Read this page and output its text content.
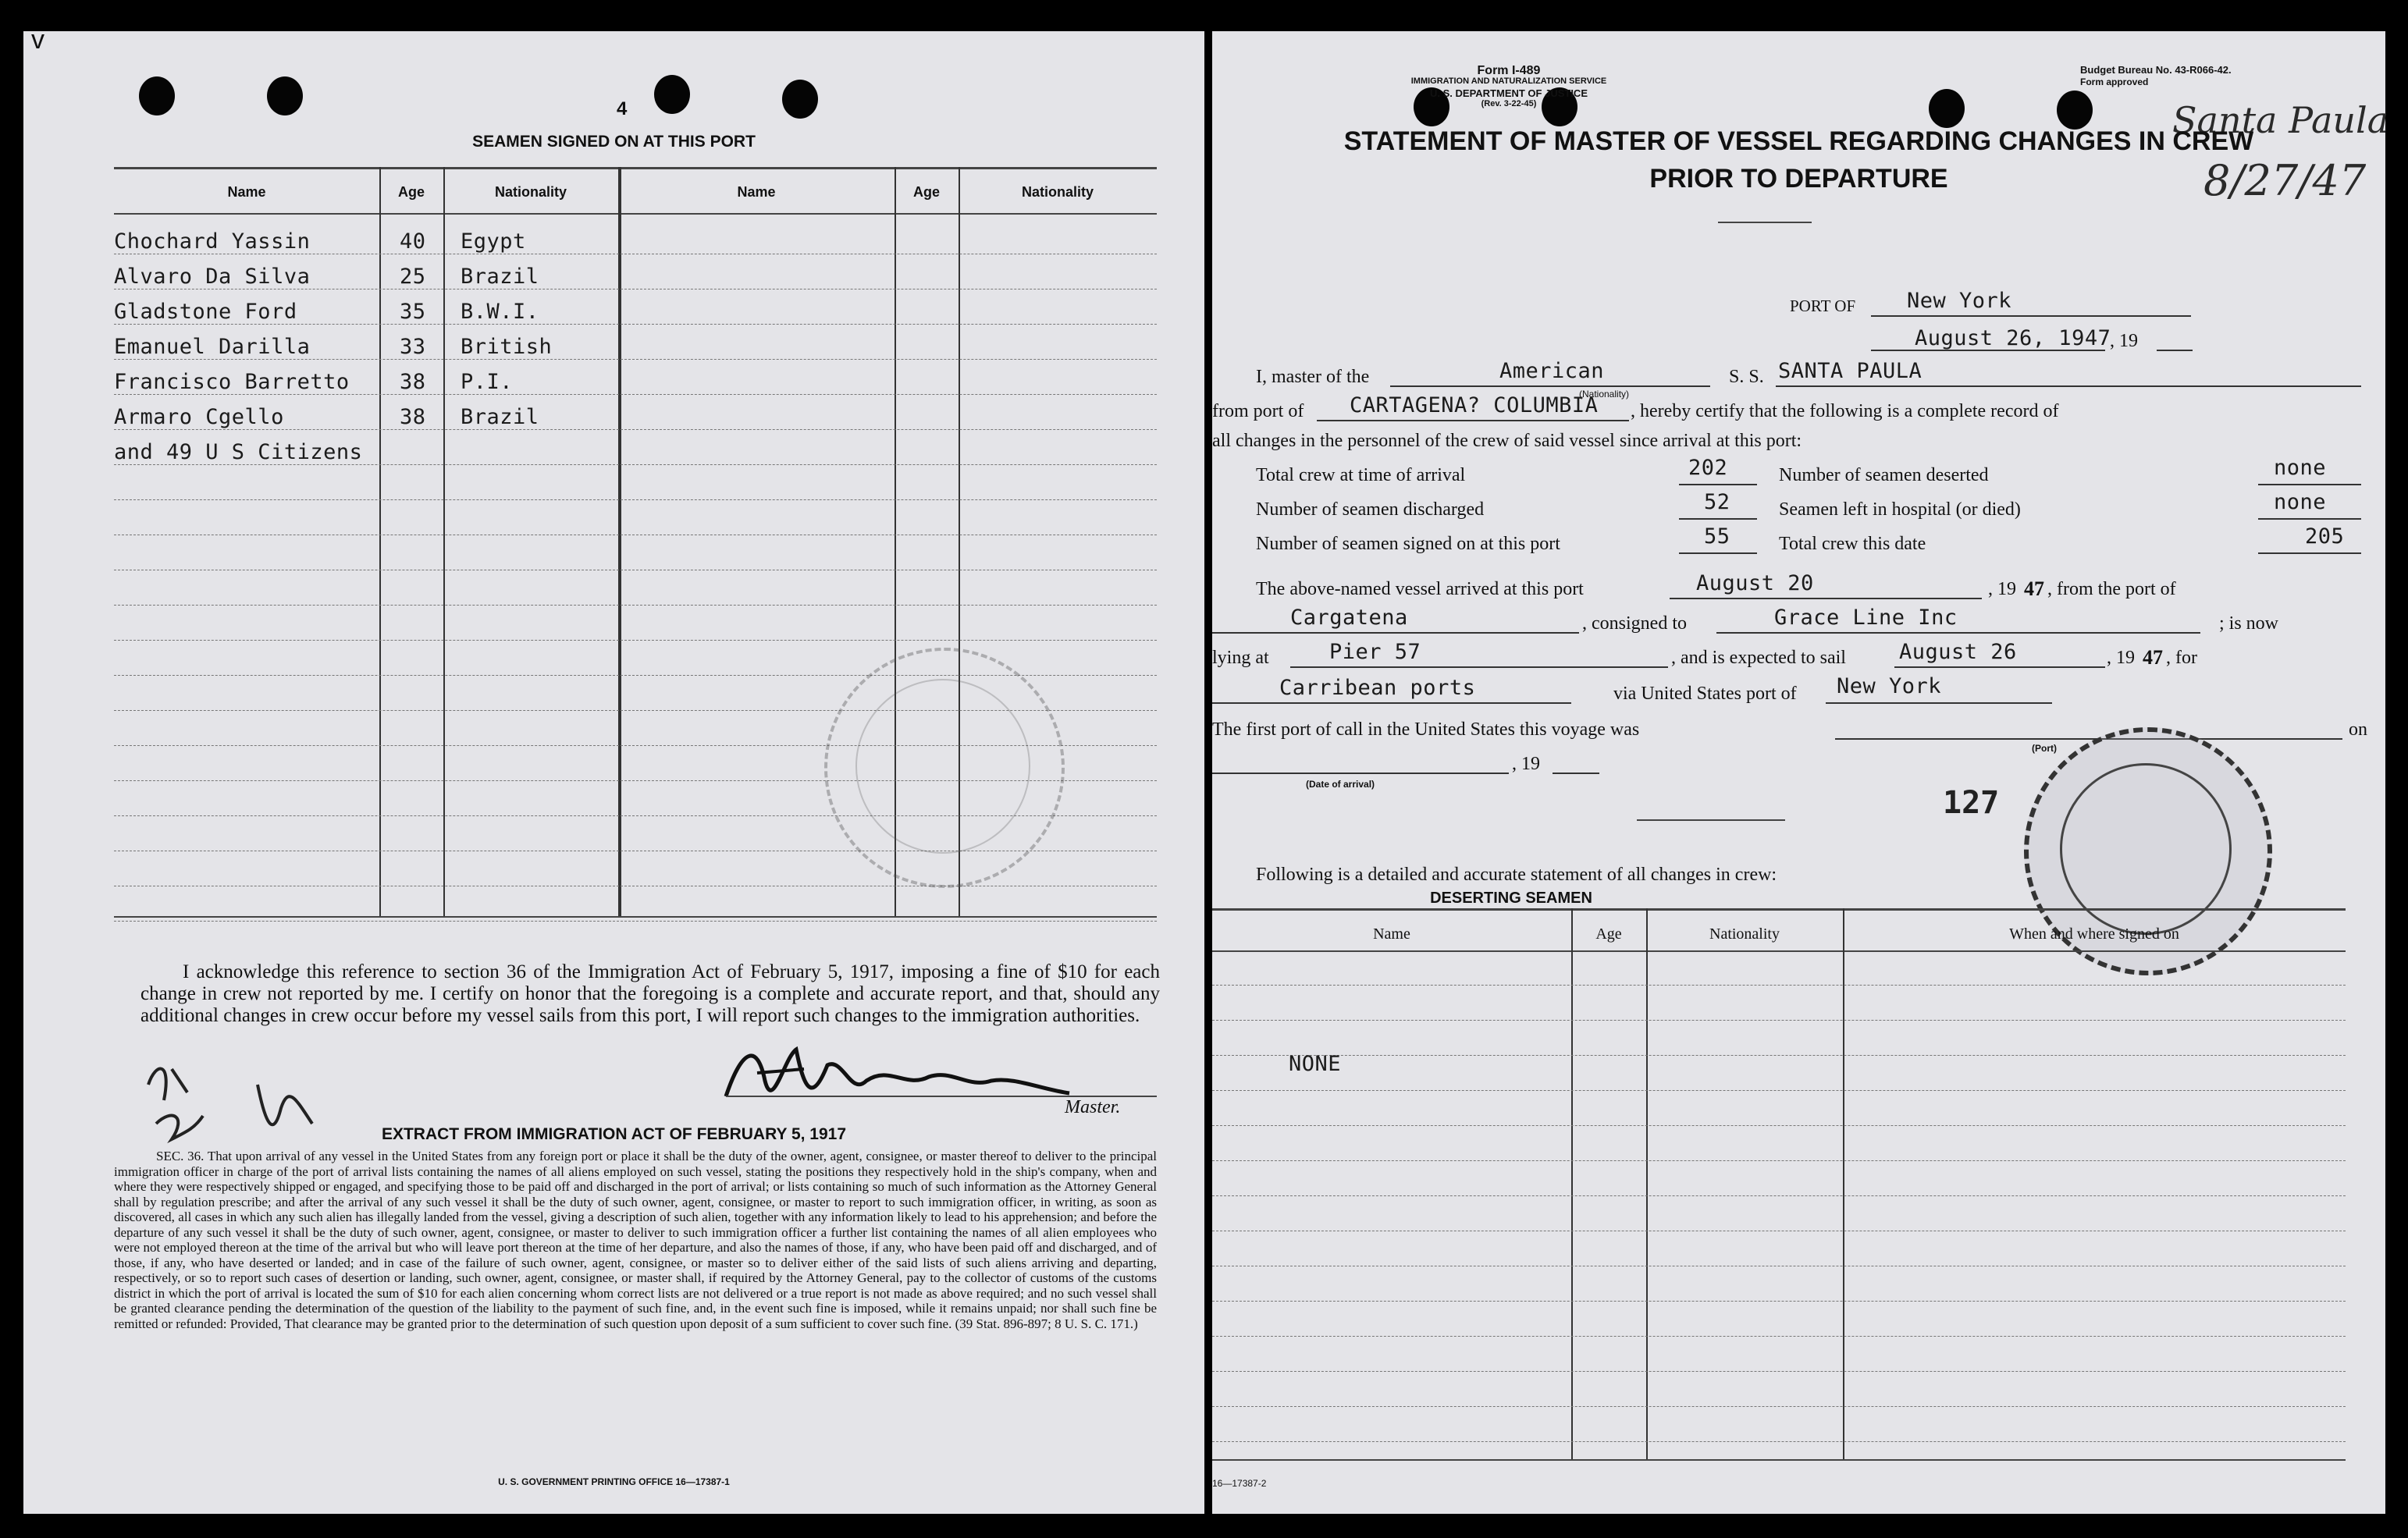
v
4
SEAMEN SIGNED ON AT THIS PORT
Name	Age	Nationality	Name	Age	Nationality
Chochard Yassin	40 Egypt
Alvaro Da Silva	25 Brazil
Gladstone Ford	35 B.W.I.
Emanuel Darilla	33 British
Francisco Barretto 38 P.I.
Armaro Cgello	38 Brazil
and 49 U S Citizens
I acknowledge this reference to section 36 of the Immigration Act of February 5, 1917, imposing a fine of $10 for each change in crew not reported by me. I certify on honor that the foregoing is a complete and accurate report, and that, should any additional changes in crew occur before my vessel sails from this port, I will report such changes to the immigration authorities.
Master.
EXTRACT FROM IMMIGRATION ACT OF FEBRUARY 5, 1917
SEC. 36. That upon arrival of any vessel in the United States from any foreign port or place it shall be the duty of the owner, agent, consignee, or master thereof to deliver to the principal immigration officer in charge of the port of arrival lists containing the names of all aliens employed on such vessel, stating the positions they respectively hold in the ship's company, when and where they were respectively shipped or engaged, and specifying those to be paid off and discharged in the port of arrival; or lists containing so much of such information as the Attorney General shall by regulation prescribe; and after the arrival of any such vessel it shall be the duty of such owner, agent, consignee, or master to report to such immigration officer, in writing, as soon as discovered, all cases in which any such alien has illegally landed from the vessel, giving a description of such alien, together with any information likely to lead to his apprehension; and before the departure of any such vessel it shall be the duty of such owner, agent, consignee, or master to deliver to such immigration officer a further list containing the names of all alien employees who were not employed thereon at the time of the arrival but who will leave port thereon at the time of her departure, and also the names of those, if any, who have been paid off and discharged, and of those, if any, who have deserted or landed; and in case of the failure of such owner, agent, consignee, or master so to deliver either of the said lists of such aliens arriving and departing, respectively, or so to report such cases of desertion or landing, such owner, agent, consignee, or master shall, if required by the Attorney General, pay to the collector of customs of the customs district in which the port of arrival is located the sum of $10 for each alien concerning whom correct lists are not delivered or a true report is not made as above required; and no such vessel shall be granted clearance pending the determination of the question of the liability to the payment of such fine, and, in the event such fine is imposed, while it remains unpaid; nor shall such fine be remitted or refunded: Provided, That clearance may be granted prior to the determination of such question upon deposit of a sum sufficient to cover such fine. (39 Stat. 896-897; 8 U. S. C. 171.)
U. S. GOVERNMENT PRINTING OFFICE 16—17387-1
Form I-489
IMMIGRATION AND NATURALIZATION SERVICE
U. S. DEPARTMENT OF JUSTICE
(Rev. 3-22-45)
Budget Bureau No. 43-R066-42.
Form approved
Santa Paula
8/27/47
STATEMENT OF MASTER OF VESSEL REGARDING CHANGES IN CREW
PRIOR TO DEPARTURE
PORT OF New York
August 26, 1947
, 19
I, master of the	American
(Nationality)
S. S. SANTA PAULA
from port of CARTAGENA? COLUMBIA , hereby certify that the following is a complete record of
all changes in the personnel of the crew of said vessel since arrival at this port:
Total crew at time of arrival	202	Number of seamen deserted	none
Number of seamen discharged	52	Seamen left in hospital (or died)	none
Number of seamen signed on at this port	55	Total crew this date	205
The above-named vessel arrived at this port	August 20	, 19 47 , from the port of
Cargatena	, consigned to	Grace Line Inc	; is now
lying at	Pier 57	, and is expected to sail	August 26	, 19 47 , for
Carribean ports	via United States port of New York
The first port of call in the United States this voyage was
(Port)
on
, 19
(Date of arrival)
127
Following is a detailed and accurate statement of all changes in crew:
DESERTING SEAMEN
Name	Age	Nationality	When and where signed on
NONE
16—17387-2
